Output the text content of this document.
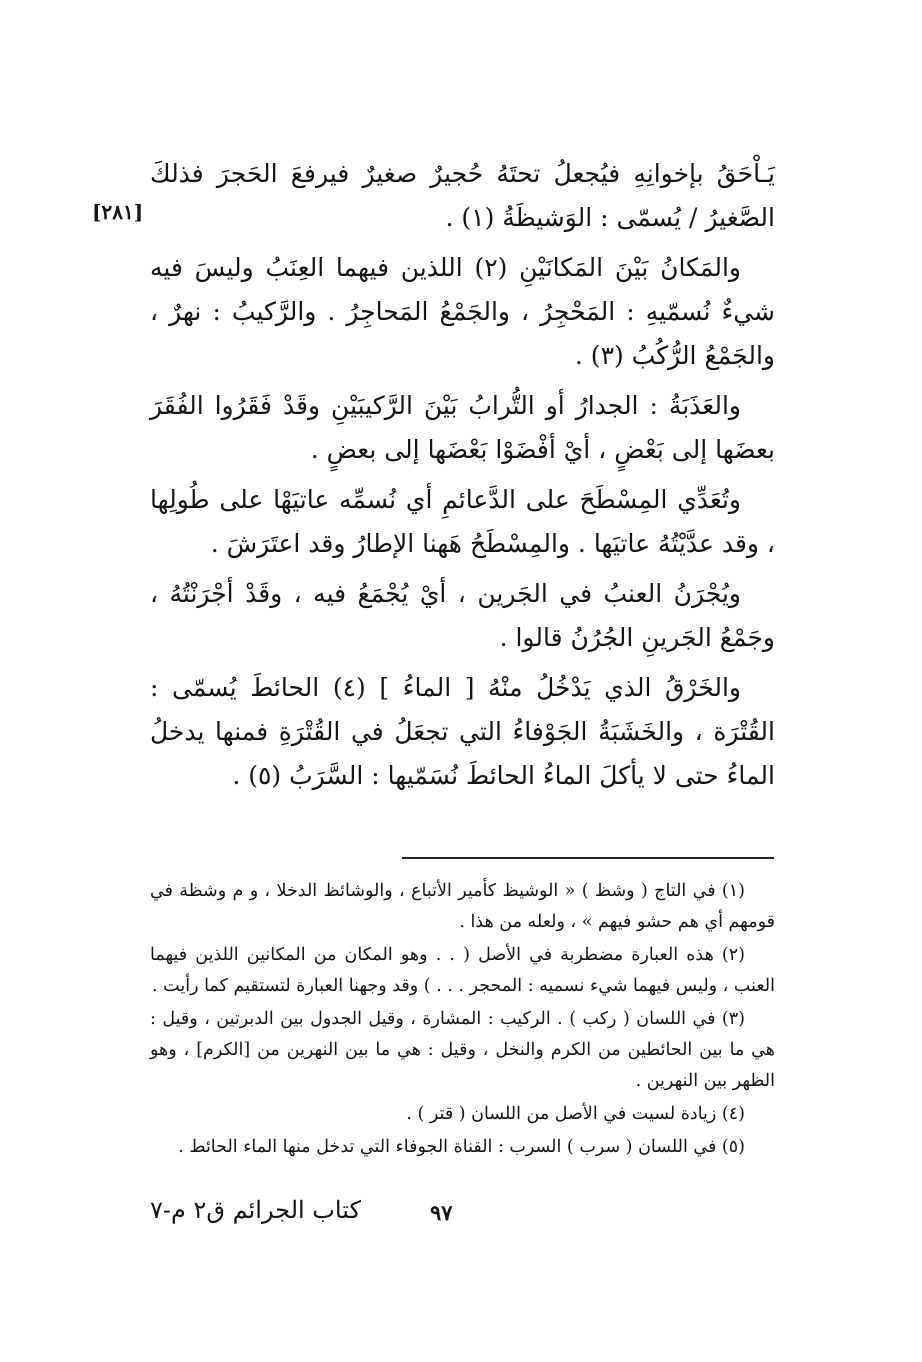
[٢٨١]

يَـاْحَقُ بإخوانِهِ فيُجعلُ تحتَهُ حُجيرٌ صغيرٌ فيرفعَ الحَجرَ فذلكَ الصَّغيرُ / يُسمّى : الوَشيظَةُ (١) .

والمَكانُ بَيْنَ المَكانَيْنِ (٢) اللذين فيهما العِنَبُ وليسَ فيه شيءٌ نُسمّيهِ : المَحْجِرُ ، والجَمْعُ المَحاجِرُ . والرَّكيبُ : نهرٌ ، والجَمْعُ الرُّكُبُ (٣) .

والعَذَبَةُ : الجدارُ أو التُّرابُ بَيْنَ الرَّكيبَيْنِ وقَدْ فَقَرُوا الفُقَرَ بعضَها إلى بَعْضٍ ، أيْ أفْضَوْا بَعْضَها إلى بعضٍ .

وتُعَدِّي المِسْطَحَ على الدَّعائمِ أي نُسمِّه عاتيَهْا على طُولِها ، وقد عدَّيْتُهُ عاتيَها . والمِسْطَحُ هَهنا الإطارُ وقد اعتَرَشَ .

ويُجْرَنُ العنبُ في الجَرين ، أيْ يُجْمَعُ فيه ، وقَدْ أجْرَنْتُهُ ، وجَمْعُ الجَرينِ الجُرُنُ قالوا .

والخَرْقُ الذي يَدْخُلُ منْهُ [ الماءُ ] (٤) الحائطَ يُسمّى : القُتْرَة ، والخَشَبَةُ الجَوْفاءُ التي تجعَلُ في القُتْرَةِ فمنها يدخلُ الماءُ حتى لا يأكلَ الماءُ الحائطَ نُسَمّيها : السَّرَبُ (٥) .

(١) في التاج ( وشظ ) « الوشيظ كأمير الأتباع ، والوشائظ الدخلا ، و م وشظة في قومهم أي هم حشو فيهم » ، ولعله من هذا .

(٢) هذه العبارة مضطربة في الأصل ( . . وهو المكان من المكانين اللذين فيهما العنب ، وليس فيهما شيء نسميه : المحجر . . . ) وقد وجهنا العبارة لتستقيم كما رأيت .

(٣) في اللسان ( ركب ) . الركيب : المشارة ، وقيل الجدول بين الدبرتين ، وقيل : هي ما بين الحائطين من الكرم والنخل ، وقيل : هي ما بين النهرين من [الكرم] ، وهو الظهر بين النهرين .

(٤) زيادة لسيت في الأصل من اللسان ( قتر ) .

(٥) في اللسان ( سرب ) السرب : القناة الجوفاء التي تدخل منها الماء الحائط .

٩٧
كتاب الجرائم ق٢ م-٧
